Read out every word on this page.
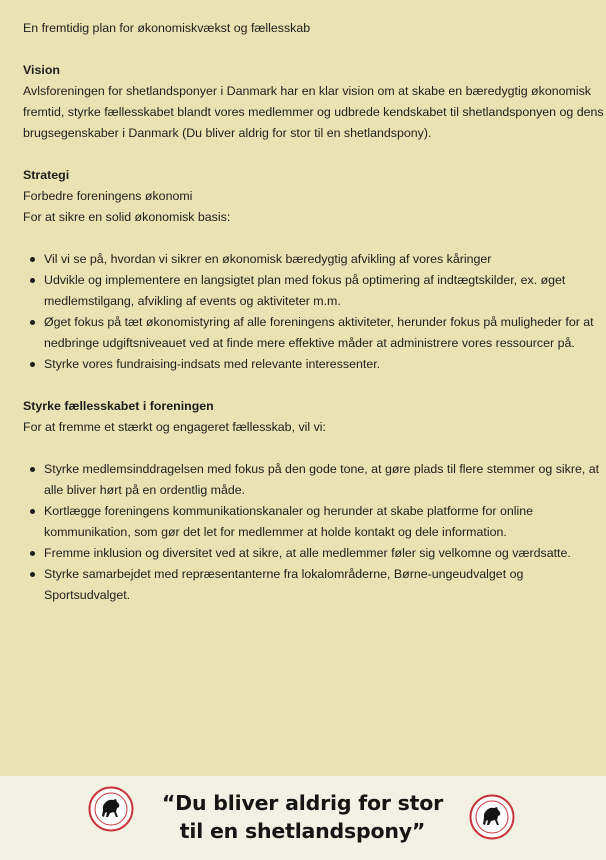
En fremtidig plan for økonomiskvækst og fællesskab

Vision

Avlsforeningen for shetlandsponyer i Danmark har en klar vision om at skabe en bæredygtig økonomisk fremtid, styrke fællesskabet blandt vores medlemmer og udbrede kendskabet til shetlandsponyen og dens brugsegenskaber i Danmark (Du bliver aldrig for stor til en shetlandspony).

Strategi

Forbedre foreningens økonomi

For at sikre en solid økonomisk basis:

Vil vi se på, hvordan vi sikrer en økonomisk bæredygtig afvikling af vores kåringer
Udvikle og implementere en langsigtet plan med fokus på optimering af indtægtskilder, ex. øget medlemstilgang, afvikling af events og aktiviteter m.m.
Øget fokus på tæt økonomistyring af alle foreningens aktiviteter, herunder fokus på muligheder for at nedbringe udgiftsniveauet ved at finde mere effektive måder at administrere vores ressourcer på.
Styrke vores fundraising-indsats med relevante interessenter.

Styrke fællesskabet i foreningen

For at fremme et stærkt og engageret fællesskab, vil vi:

Styrke medlemsinddragelsen med fokus på den gode tone, at gøre plads til flere stemmer og sikre, at alle bliver hørt på en ordentlig måde.
Kortlægge foreningens kommunikationskanaler og herunder at skabe platforme for online kommunikation, som gør det let for medlemmer at holde kontakt og dele information.
Fremme inklusion og diversitet ved at sikre, at alle medlemmer føler sig velkomne og værdsatte.
Styrke samarbejdet med repræsentanterne fra lokalområderne, Børne-ungeudvalget og Sportsudvalget.
“Du bliver aldrig for stor
til en shetlandspony”
